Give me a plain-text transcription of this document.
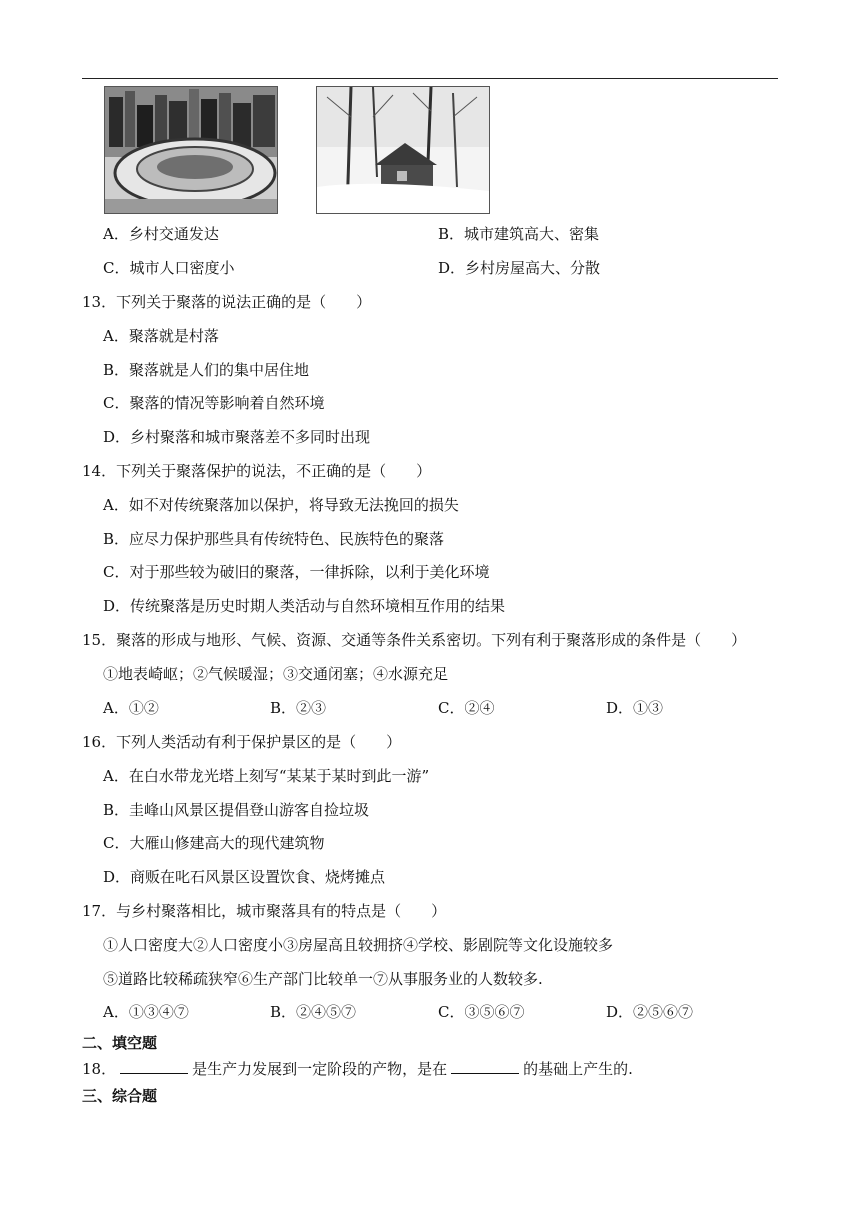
A．乡村交通发达	B．城市建筑高大、密集
C．城市人口密度小	D．乡村房屋高大、分散
13．下列关于聚落的说法正确的是（　　）
A．聚落就是村落
B．聚落就是人们的集中居住地
C．聚落的情况等影响着自然环境
D．乡村聚落和城市聚落差不多同时出现
14．下列关于聚落保护的说法，不正确的是（　　）
A．如不对传统聚落加以保护，将导致无法挽回的损失
B．应尽力保护那些具有传统特色、民族特色的聚落
C．对于那些较为破旧的聚落，一律拆除，以利于美化环境
D．传统聚落是历史时期人类活动与自然环境相互作用的结果
15．聚落的形成与地形、气候、资源、交通等条件关系密切。下列有利于聚落形成的条件是（　　）
①地表崎岖；②气候暖湿；③交通闭塞；④水源充足
A．①②	B．②③	C．②④	D．①③
16．下列人类活动有利于保护景区的是（　　）
A．在白水带龙光塔上刻写“某某于某时到此一游”
B．圭峰山风景区提倡登山游客自捡垃圾
C．大雁山修建高大的现代建筑物
D．商贩在叱石风景区设置饮食、烧烤摊点
17．与乡村聚落相比，城市聚落具有的特点是（　　）
①人口密度大②人口密度小③房屋高且较拥挤④学校、影剧院等文化设施较多
⑤道路比较稀疏狭窄⑥生产部门比较单一⑦从事服务业的人数较多.
A．①③④⑦	B．②④⑤⑦	C．③⑤⑥⑦	D．②⑤⑥⑦
二、填空题
18．	是生产力发展到一定阶段的产物，是在	的基础上产生的.
三、综合题
